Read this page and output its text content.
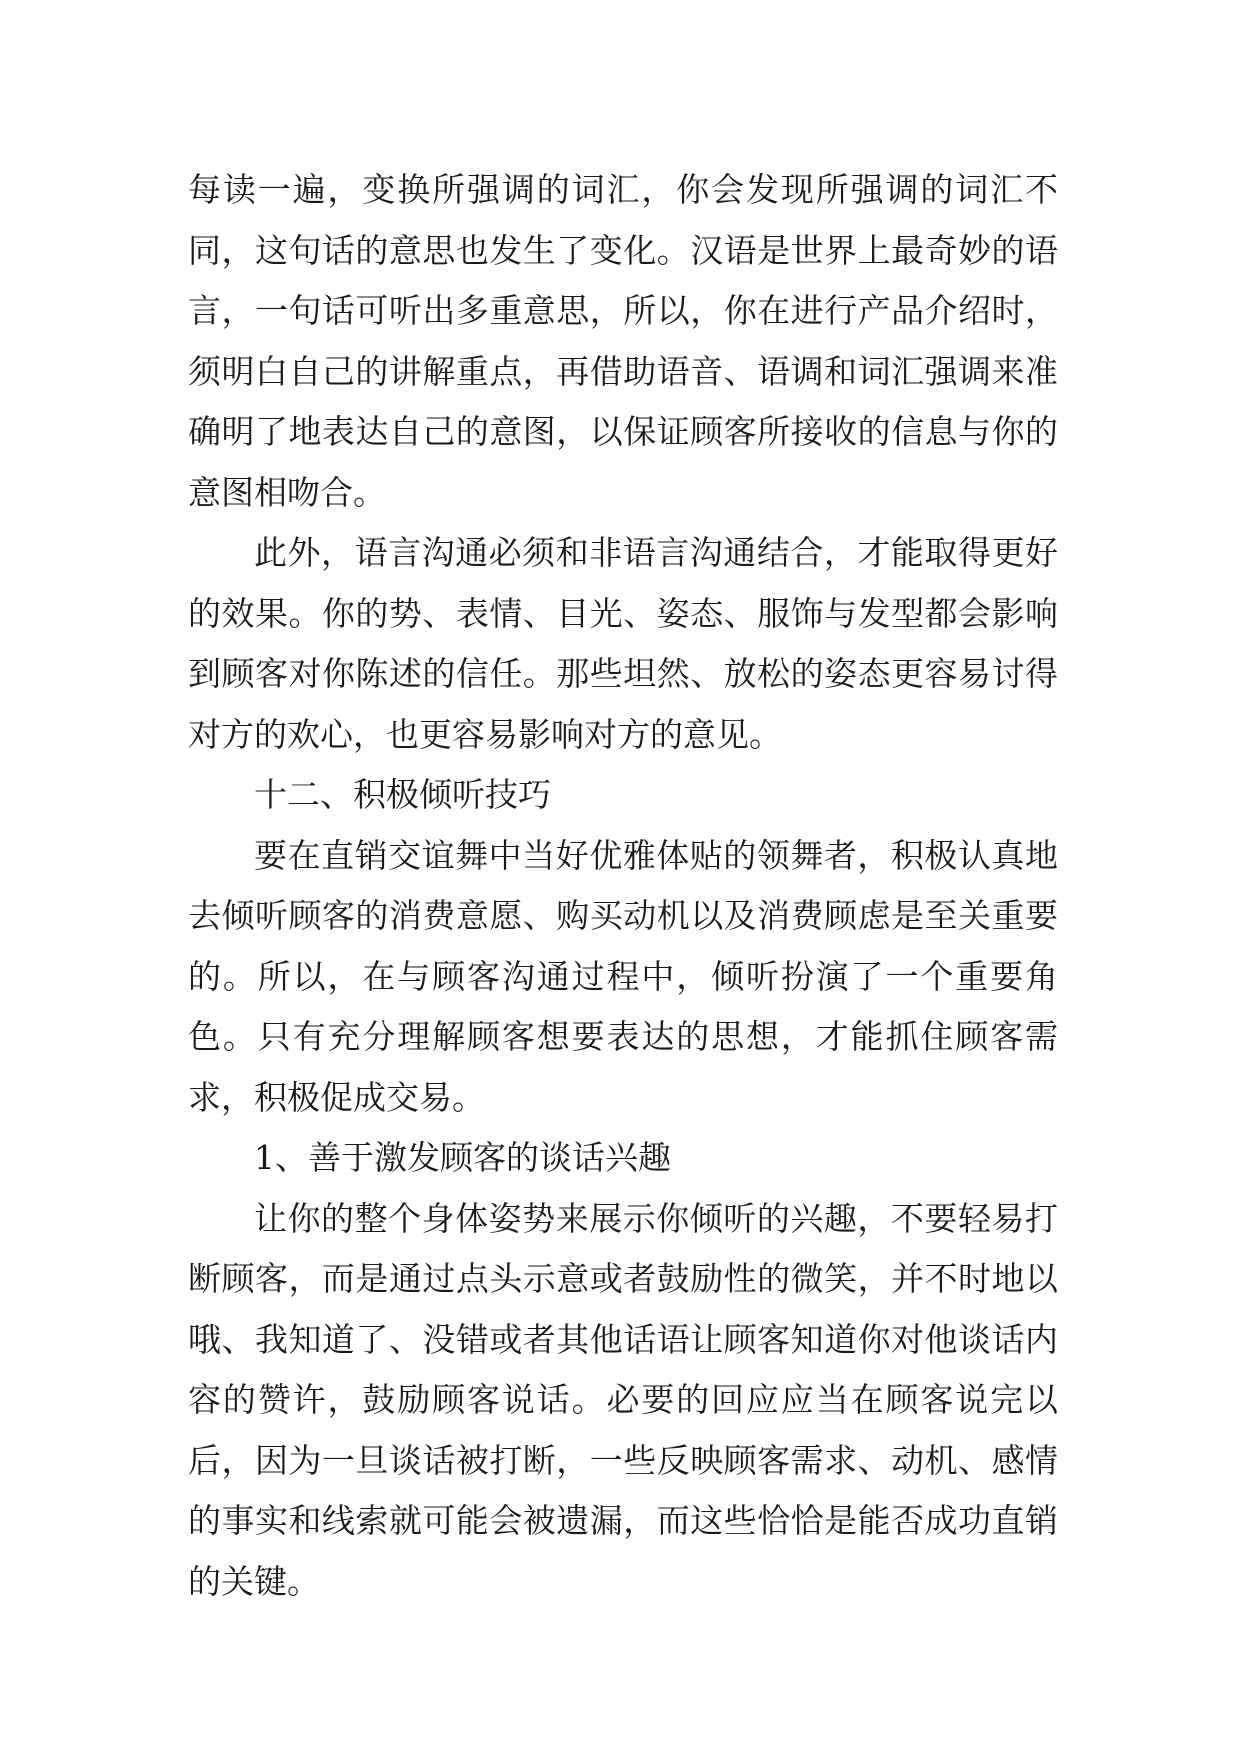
每读一遍，变换所强调的词汇，你会发现所强调的词汇不同，这句话的意思也发生了变化。汉语是世界上最奇妙的语言，一句话可听出多重意思，所以，你在进行产品介绍时，须明白自己的讲解重点，再借助语音、语调和词汇强调来准确明了地表达自己的意图，以保证顾客所接收的信息与你的意图相吻合。

此外，语言沟通必须和非语言沟通结合，才能取得更好的效果。你的势、表情、目光、姿态、服饰与发型都会影响到顾客对你陈述的信任。那些坦然、放松的姿态更容易讨得对方的欢心，也更容易影响对方的意见。

十二、积极倾听技巧

要在直销交谊舞中当好优雅体贴的领舞者，积极认真地去倾听顾客的消费意愿、购买动机以及消费顾虑是至关重要的。所以，在与顾客沟通过程中，倾听扮演了一个重要角色。只有充分理解顾客想要表达的思想，才能抓住顾客需求，积极促成交易。

1、善于激发顾客的谈话兴趣

让你的整个身体姿势来展示你倾听的兴趣，不要轻易打断顾客，而是通过点头示意或者鼓励性的微笑，并不时地以哦、我知道了、没错或者其他话语让顾客知道你对他谈话内容的赞许，鼓励顾客说话。必要的回应应当在顾客说完以后，因为一旦谈话被打断，一些反映顾客需求、动机、感情的事实和线索就可能会被遗漏，而这些恰恰是能否成功直销的关键。
